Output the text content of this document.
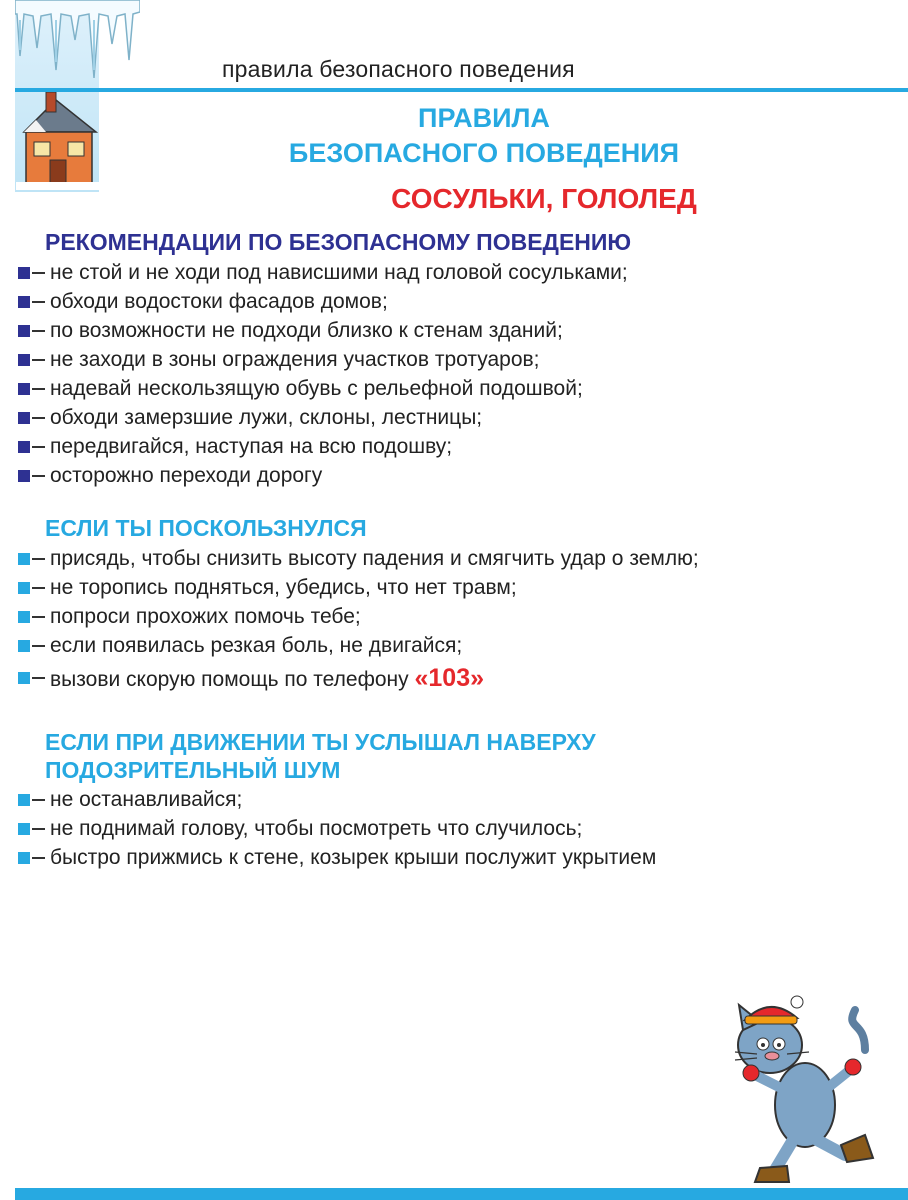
правила безопасного поведения
ПРАВИЛА
БЕЗОПАСНОГО ПОВЕДЕНИЯ
СОСУЛЬКИ, ГОЛОЛЕД
РЕКОМЕНДАЦИИ ПО БЕЗОПАСНОМУ ПОВЕДЕНИЮ
не стой и не ходи под нависшими над головой сосульками;
обходи водостоки фасадов домов;
по возможности не подходи близко к стенам зданий;
не заходи в зоны ограждения участков тротуаров;
надевай нескользящую обувь с рельефной подошвой;
обходи замерзшие лужи, склоны, лестницы;
передвигайся, наступая на всю подошву;
осторожно переходи дорогу
ЕСЛИ ТЫ ПОСКОЛЬЗНУЛСЯ
присядь, чтобы снизить высоту падения и смягчить удар о землю;
не торопись подняться, убедись, что нет травм;
попроси прохожих помочь тебе;
если появилась резкая боль, не двигайся;
вызови скорую помощь по телефону «103»
ЕСЛИ ПРИ ДВИЖЕНИИ ТЫ УСЛЫШАЛ НАВЕРХУ
ПОДОЗРИТЕЛЬНЫЙ ШУМ
не останавливайся;
не поднимай голову, чтобы посмотреть что случилось;
быстро прижмись к стене, козырек крыши послужит укрытием
